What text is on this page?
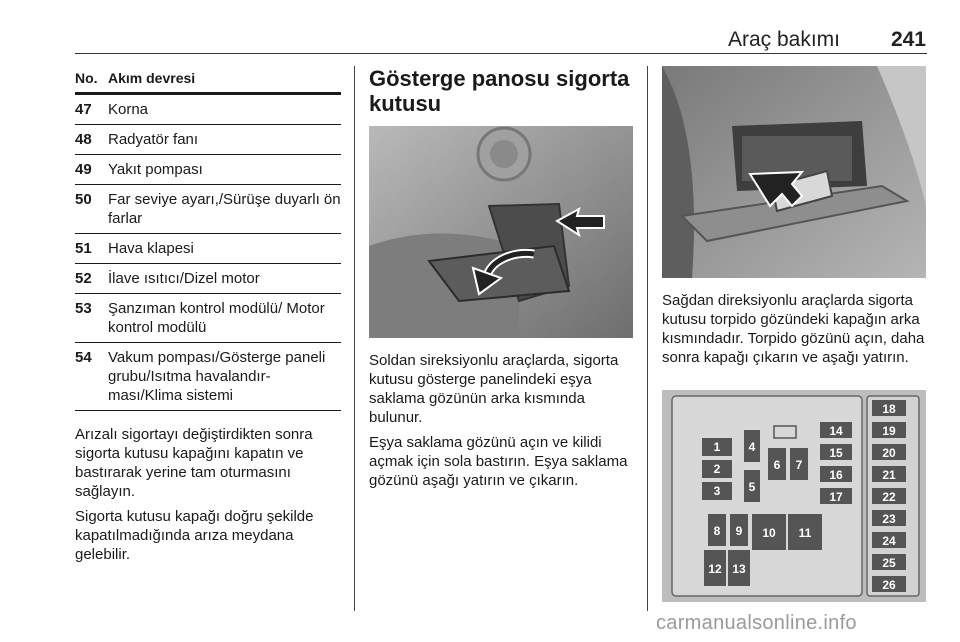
Araç bakımı	241
No. Akım devresi
47	Korna
48	Radyatör fanı
49	Yakıt pompası
50	Far seviye ayarı,/Sürüşe duyarlı ön farlar
51	Hava klapesi
52	İlave ısıtıcı/Dizel motor
53	Şanzıman kontrol modülü/ Motor kontrol modülü
54	Vakum pompası/Gösterge paneli grubu/Isıtma havalandır-ması/Klima sistemi

Arızalı sigortayı değiştirdikten sonra sigorta kutusu kapağını kapatın ve bastırarak yerine tam oturmasını sağlayın.

Sigorta kutusu kapağı doğru şekilde kapatılmadığında arıza meydana gelebilir.

Gösterge panosu sigorta kutusu

Soldan sireksiyonlu araçlarda, sigorta kutusu gösterge panelindeki eşya saklama gözünün arka kısmında bulunur.

Eşya saklama gözünü açın ve kilidi açmak için sola bastırın. Eşya saklama gözünü aşağı yatırın ve çıkarın.

Sağdan direksiyonlu araçlarda sigorta kutusu torpido gözündeki kapağın arka kısmındadır. Torpido gözünü açın, daha sonra kapağı çıkarın ve aşağı yatırın.

1
2
3
4
5
6 7
14
15
16
17
8 9 10 11
12 13
18
19
20
21
22
23
24
25
26
carmanualsonline.info
